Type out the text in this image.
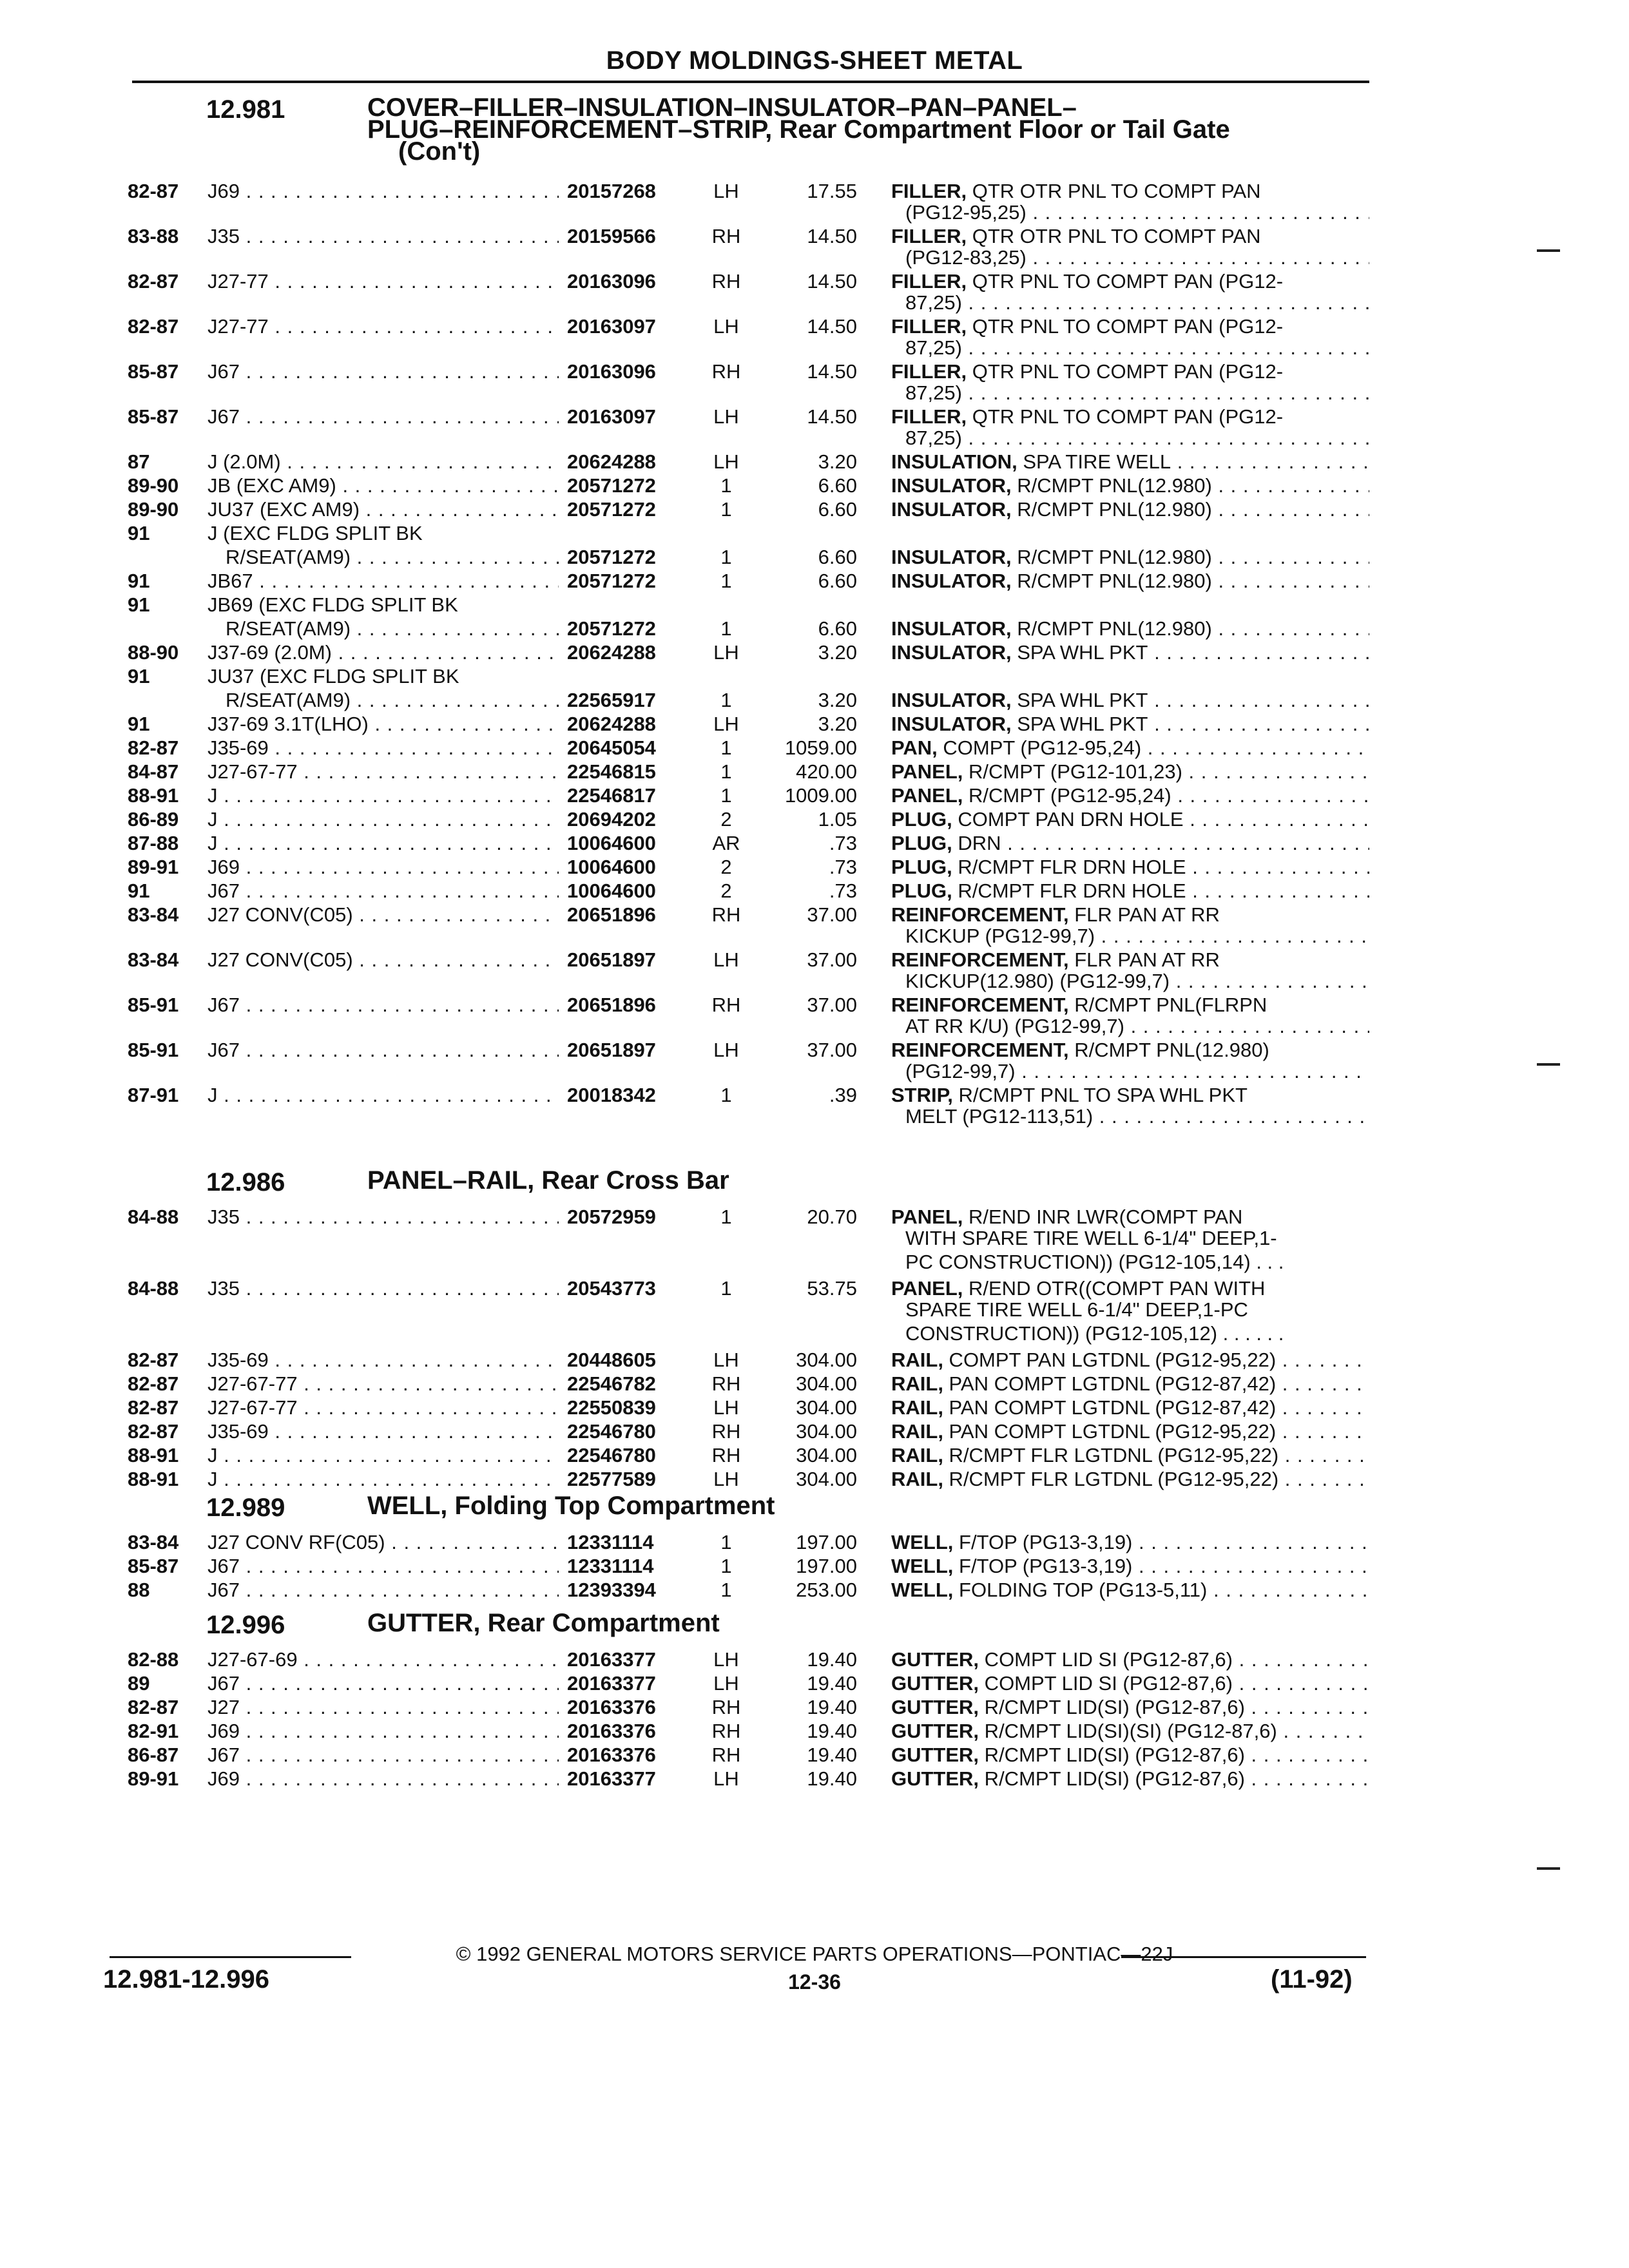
BODY MOLDINGS-SHEET METAL
12.981	COVER–FILLER–INSULATION–INSULATOR–PAN–PANEL–
PLUG–REINFORCEMENT–STRIP, Rear Compartment Floor or Tail Gate
(Con't)
82-87 J69 . . .	20157268	LH	17.55 FILLER, QTR OTR PNL TO COMPT PAN
(PG12-95,25) . . .
83-88 J35 . . .	20159566	RH	14.50 FILLER, QTR OTR PNL TO COMPT PAN
(PG12-83,25) . . .
82-87 J27-77 . . .	20163096	RH	14.50 FILLER, QTR PNL TO COMPT PAN (PG12-
87,25) . . .
82-87 J27-77 . . .	20163097	LH	14.50 FILLER, QTR PNL TO COMPT PAN (PG12-
87,25) . . .
85-87 J67 . . .	20163096	RH	14.50 FILLER, QTR PNL TO COMPT PAN (PG12-
87,25) . . .
85-87 J67 . . .	20163097	LH	14.50 FILLER, QTR PNL TO COMPT PAN (PG12-
87,25) . . .
87	J (2.0M) . . .	20624288	LH	3.20 INSULATION, SPA TIRE WELL . . .
89-90 JB (EXC AM9) . . .	20571272	1	6.60 INSULATOR, R/CMPT PNL(12.980) . . .
89-90 JU37 (EXC AM9) . . .	20571272	1	6.60 INSULATOR, R/CMPT PNL(12.980) . . .
91	J (EXC FLDG SPLIT BK
R/SEAT(AM9) . . .	20571272	1	6.60 INSULATOR, R/CMPT PNL(12.980) . . .
91	JB67 . . .	20571272	1	6.60 INSULATOR, R/CMPT PNL(12.980) . . .
91	JB69 (EXC FLDG SPLIT BK
R/SEAT(AM9) . . .	20571272	1	6.60 INSULATOR, R/CMPT PNL(12.980) . . .
88-90 J37-69 (2.0M) . . .	20624288	LH	3.20 INSULATOR, SPA WHL PKT . . .
91	JU37 (EXC FLDG SPLIT BK
R/SEAT(AM9) . . .	22565917	1	3.20 INSULATOR, SPA WHL PKT . . .
91	J37-69 3.1T(LHO) . . .	20624288	LH	3.20 INSULATOR, SPA WHL PKT . . .
82-87 J35-69 . . .	20645054	1	1059.00 PAN, COMPT (PG12-95,24) . . .
84-87 J27-67-77 . . .	22546815	1	420.00 PANEL, R/CMPT (PG12-101,23) . . .
88-91 J . . .	22546817	1	1009.00 PANEL, R/CMPT (PG12-95,24) . . .
86-89 J . . .	20694202	2	1.05 PLUG, COMPT PAN DRN HOLE . . .
87-88 J . . .	10064600	AR	.73 PLUG, DRN . . .
89-91 J69 . . .	10064600	2	.73 PLUG, R/CMPT FLR DRN HOLE . . .
91	J67 . . .	10064600	2	.73 PLUG, R/CMPT FLR DRN HOLE . . .
83-84 J27 CONV(C05) . . .	20651896	RH	37.00 REINFORCEMENT, FLR PAN AT RR
KICKUP (PG12-99,7) . . .
83-84 J27 CONV(C05) . . .	20651897	LH	37.00 REINFORCEMENT, FLR PAN AT RR
KICKUP(12.980) (PG12-99,7) . . .
85-91 J67 . . .	20651896	RH	37.00 REINFORCEMENT, R/CMPT PNL(FLRPN
AT RR K/U) (PG12-99,7) . . .
85-91 J67 . . .	20651897	LH	37.00 REINFORCEMENT, R/CMPT PNL(12.980)
(PG12-99,7) . . .
87-91 J . . .	20018342	1	.39 STRIP, R/CMPT PNL TO SPA WHL PKT
MELT (PG12-113,51) . . .
12.986	PANEL–RAIL, Rear Cross Bar
84-88 J35 . . .	20572959	1	20.70 PANEL, R/END INR LWR(COMPT PAN
WITH SPARE TIRE WELL 6-1/4" DEEP,1-
PC CONSTRUCTION)) (PG12-105,14) . . .
84-88 J35 . . .	20543773	1	53.75 PANEL, R/END OTR((COMPT PAN WITH
SPARE TIRE WELL 6-1/4" DEEP,1-PC
CONSTRUCTION)) (PG12-105,12) . . . . . .
82-87 J35-69 . . .	20448605	LH	304.00 RAIL, COMPT PAN LGTDNL (PG12-95,22) . . .
82-87 J27-67-77 . . .	22546782	RH	304.00 RAIL, PAN COMPT LGTDNL (PG12-87,42) . . .
82-87 J27-67-77 . . .	22550839	LH	304.00 RAIL, PAN COMPT LGTDNL (PG12-87,42) . . .
82-87 J35-69 . . .	22546780	RH	304.00 RAIL, PAN COMPT LGTDNL (PG12-95,22) . . .
88-91 J . . .	22546780	RH	304.00 RAIL, R/CMPT FLR LGTDNL (PG12-95,22) . . .
88-91 J . . .	22577589	LH	304.00 RAIL, R/CMPT FLR LGTDNL (PG12-95,22) . . .
12.989	WELL, Folding Top Compartment
83-84 J27 CONV RF(C05) . . .	12331114	1	197.00 WELL, F/TOP (PG13-3,19) . . .
85-87 J67 . . .	12331114	1	197.00 WELL, F/TOP (PG13-3,19) . . .
88	J67 . . .	12393394	1	253.00 WELL, FOLDING TOP (PG13-5,11) . . .
12.996	GUTTER, Rear Compartment
82-88 J27-67-69 . . .	20163377	LH	19.40 GUTTER, COMPT LID SI (PG12-87,6) . . .
89	J67 . . .	20163377	LH	19.40 GUTTER, COMPT LID SI (PG12-87,6) . . .
82-87 J27 . . .	20163376	RH	19.40 GUTTER, R/CMPT LID(SI) (PG12-87,6) . . .
82-91 J69 . . .	20163376	RH	19.40 GUTTER, R/CMPT LID(SI)(SI) (PG12-87,6) . . .
86-87 J67 . . .	20163376	RH	19.40 GUTTER, R/CMPT LID(SI) (PG12-87,6) . . .
89-91 J69 . . .	20163377	LH	19.40 GUTTER, R/CMPT LID(SI) (PG12-87,6) . . .
© 1992 GENERAL MOTORS SERVICE PARTS OPERATIONS—PONTIAC—22J
12.981-12.996	12-36	(11-92)
